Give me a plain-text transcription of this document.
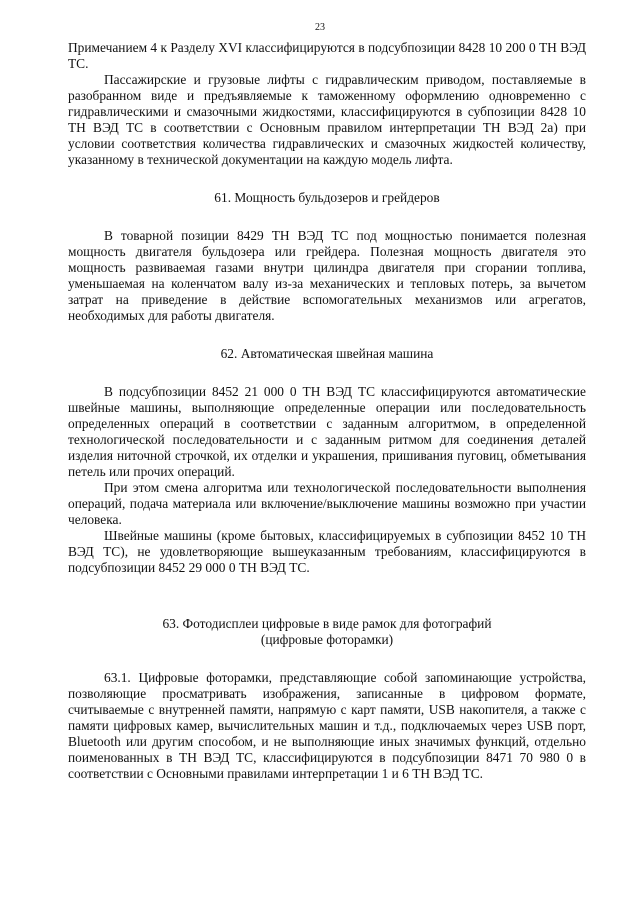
23

Примечанием 4 к Разделу XVI классифицируются в подсубпозиции 8428 10 200 0 ТН ВЭД ТС.

Пассажирские и грузовые лифты с гидравлическим приводом, поставляемые в разобранном виде и предъявляемые к таможенному оформлению одновременно с гидравлическими и смазочными жидкостями, классифицируются в субпозиции 8428 10 ТН ВЭД ТС в соответствии с Основным правилом интерпретации ТН ВЭД 2а) при условии соответствия количества гидравлических и смазочных жидкостей количеству, указанному в технической документации на каждую модель лифта.

61. Мощность бульдозеров и грейдеров

В товарной позиции 8429 ТН ВЭД ТС под мощностью понимается полезная мощность двигателя бульдозера или грейдера. Полезная мощность двигателя это мощность развиваемая газами внутри цилиндра двигателя при сгорании топлива, уменьшаемая на коленчатом валу из-за механических и тепловых потерь, за вычетом затрат на приведение в действие вспомогательных механизмов или агрегатов, необходимых для работы двигателя.

62. Автоматическая швейная машина

В подсубпозиции 8452 21 000 0 ТН ВЭД ТС классифицируются автоматические швейные машины, выполняющие определенные операции или последовательность определенных операций в соответствии с заданным алгоритмом, в определенной технологической последовательности и с заданным ритмом для соединения деталей изделия ниточной строчкой, их отделки и украшения, пришивания пуговиц, обметывания петель или прочих операций.

При этом смена алгоритма или технологической последовательности выполнения операций, подача материала или включение/выключение машины возможно при участии человека.

Швейные машины (кроме бытовых, классифицируемых в субпозиции 8452 10 ТН ВЭД ТС), не удовлетворяющие вышеуказанным требованиям, классифицируются в подсубпозиции 8452 29 000 0 ТН ВЭД ТС.

63. Фотодисплеи цифровые в виде рамок для фотографий

(цифровые фоторамки)

63.1. Цифровые фоторамки, представляющие собой запоминающие устройства, позволяющие просматривать изображения, записанные в цифровом формате, считываемые с внутренней памяти, напрямую с карт памяти, USB накопителя, а также с памяти цифровых камер, вычислительных машин и т.д., подключаемых через USB порт, Bluetooth или другим способом, и не выполняющие иных значимых функций, отдельно поименованных в ТН ВЭД ТС, классифицируются в подсубпозиции 8471 70 980 0 в соответствии с Основными правилами интерпретации 1 и 6 ТН ВЭД ТС.
